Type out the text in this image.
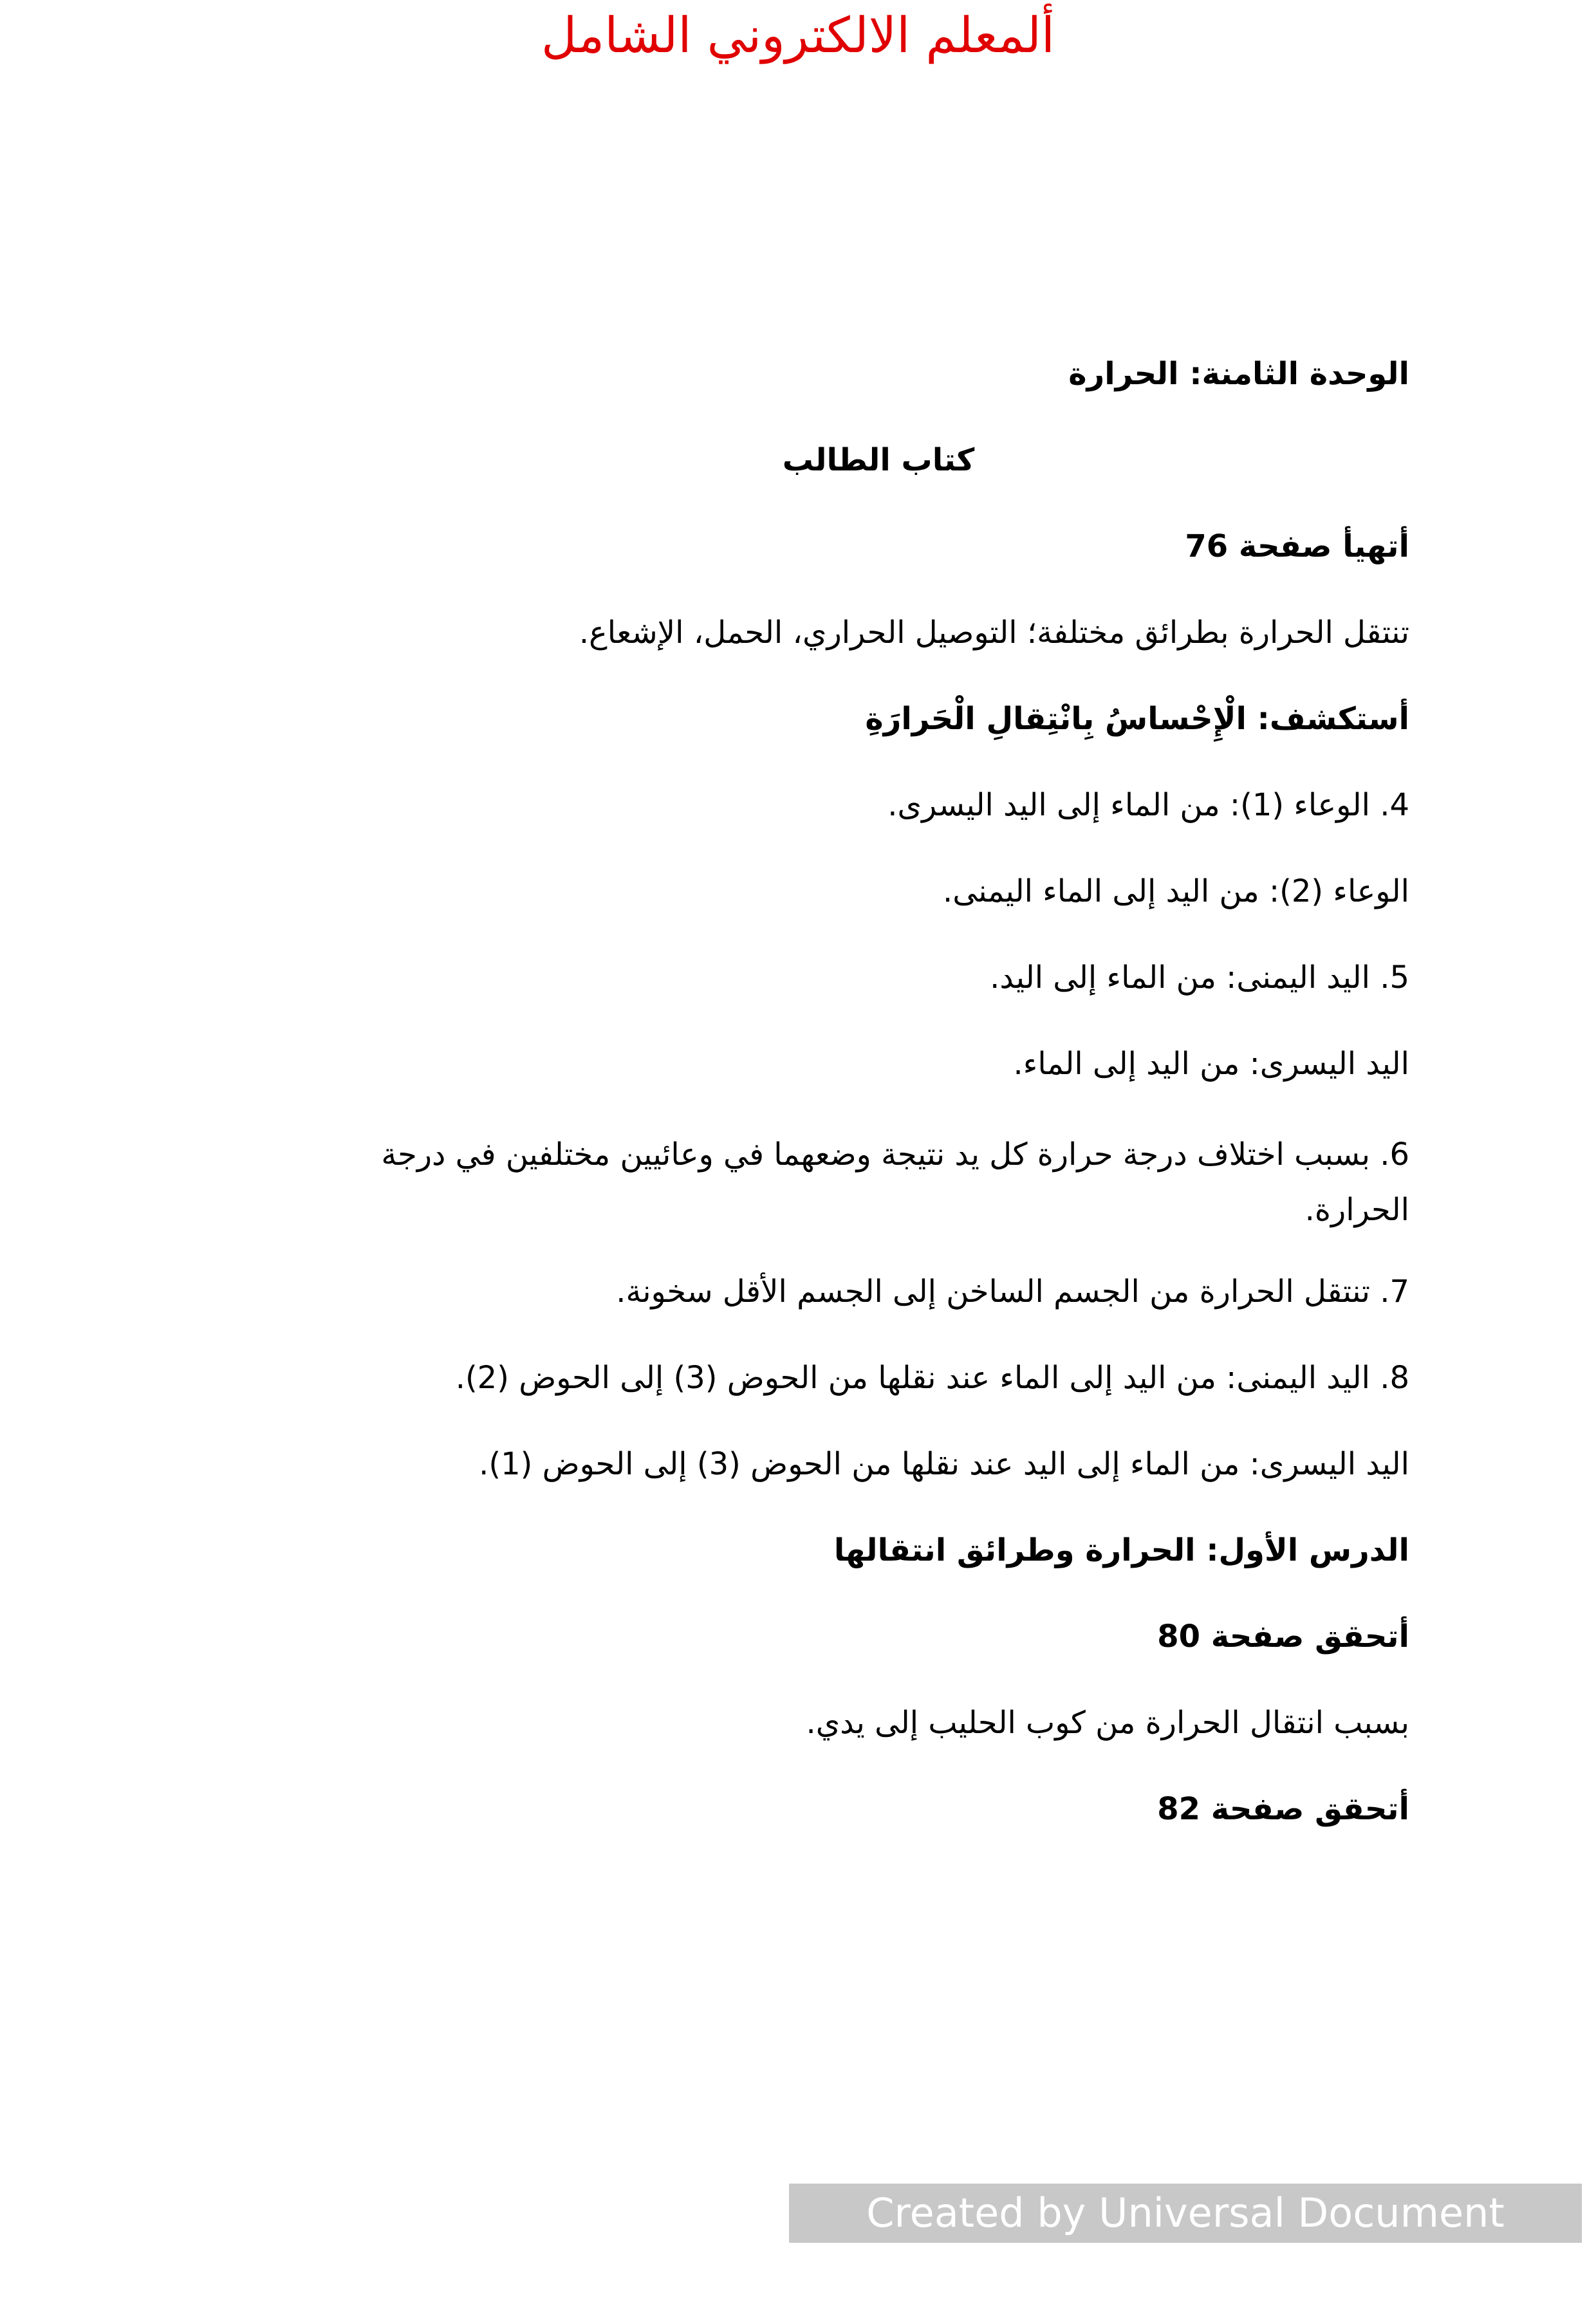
ألمعلم الالكتروني الشامل

الوحدة الثامنة: الحرارة

كتاب الطالب

أتهيأ صفحة 76

تنتقل الحرارة بطرائق مختلفة؛ التوصيل الحراري، الحمل، الإشعاع.

أستكشف: الْإِحْساسُ بِانْتِقالِ الْحَرارَةِ

4. الوعاء (1): من الماء إلى اليد اليسرى.

الوعاء (2): من اليد إلى الماء اليمنى.

5. اليد اليمنى: من الماء إلى اليد.

اليد اليسرى: من اليد إلى الماء.

6. بسبب اختلاف درجة حرارة كل يد نتيجة وضعهما في وعائيين مختلفين في درجة الحرارة.

7. تنتقل الحرارة من الجسم الساخن إلى الجسم الأقل سخونة.

8. اليد اليمنى: من اليد إلى الماء عند نقلها من الحوض (3) إلى الحوض (2).

اليد اليسرى: من الماء إلى اليد عند نقلها من الحوض (3) إلى الحوض (1).

الدرس الأول: الحرارة وطرائق انتقالها

أتحقق صفحة 80

بسبب انتقال الحرارة من كوب الحليب إلى يدي.

أتحقق صفحة 82

Created by Universal Document Converter
